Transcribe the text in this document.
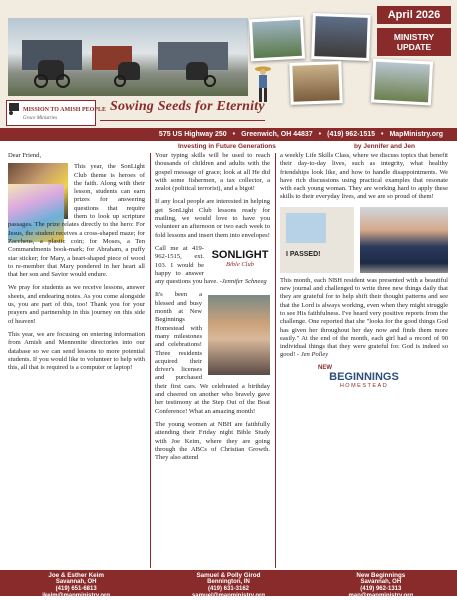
April 2026
MINISTRY
UPDATE
MISSION TO AMISH PEOPLE
Grace Ministries
Sowing Seeds for Eternity
575 US Highway 250 • Greenwich, OH 44837 • (419) 962-1515 • MapMinistry.org
Investing in Future Generations	by Jennifer and Jen

Dear Friend,

This year, the SonLight Club theme is heroes of the faith. Along with their lesson, students can earn prizes for answering questions that require them to look up scripture passages. The prize relates directly to the hero: For Jesus, the student receives a cross-shaped maze; for Zaccheus, a plastic coin; for Moses, a Ten Commandments book-mark; for Abraham, a puffy star sticker; for Mary, a heart-shaped piece of wood to re-member that Mary pondered in her heart all that her son and Savior would endure.

We pray for students as we receive lessons, answer sheets, and endearing notes. As you come alongside us, you are part of this, too! Thank you for your prayers and partnership in this journey on this side of heaven!

This year, we are focusing on entering information from Amish and Mennonite directories into our database so we can send lessons to more potential students. If you would like to volunteer to help with this, all that is required is a computer or laptop!

Your typing skills will be used to reach thousands of children and adults with the gospel message of grace; look at all He did with some fishermen, a tax collector, a zealot (political terrorist), and a bigot!

If any local people are interested in helping get SonLight Club lessons ready for mailing, we would love to have you volunteer an afternoon or two each week to fold lessons and insert them into envelopes!

SONLIGHT
Bible Club

Call me at 419-962-1515, ext. 103. I would be happy to answer any questions you have. -Jennifer Schneeg

It's been a blessed and busy month at New Beginnings Homestead with many milestones and celebrations! Three residents acquired their driver's licenses and purchased their first cars. We celebrated a birthday and cheered on another who bravely gave her testimony at the Step Out of the Boat Conference! What an amazing month!

The young women at NBH are faithfully attending their Friday night Bible Study with Joe Keim, where they are going through the ABCs of Christian Growth. They also attend

a weekly Life Skills Class, where we discuss topics that benefit their day-to-day lives, such as integrity, what healthy friendships look like, and how to handle disappointments. We have rich discussions using practical examples that resonate with each young woman. They are working hard to apply these skills to their everyday lives, and we are so proud of them!

I PASSED!

This month, each NBH resident was presented with a beautiful new journal and challenged to write three new things daily that they are grateful for to help shift their thought patterns and see that the Lord is always working, even when they might struggle to see His faithfulness. I've heard very positive reports from the challenge. One reported that she "looks for the good things God has given her throughout her day now and finds them more easily." At the end of the month, each girl had a record of 90 individual things that they were grateful for. God is indeed so good! - Jen Polley

NEW
BEGINNINGS
HOMESTEAD
Joe & Esther Keim
Savannah, OH
(419) 651-6813
jkeim@mapministry.org
Samuel & Polly Girod
Bennington, IN
(419) 631-3162
samuel@mapministry.org
New Beginnings
Savannah, OH
(419) 962-1313
map@mapministry.org
